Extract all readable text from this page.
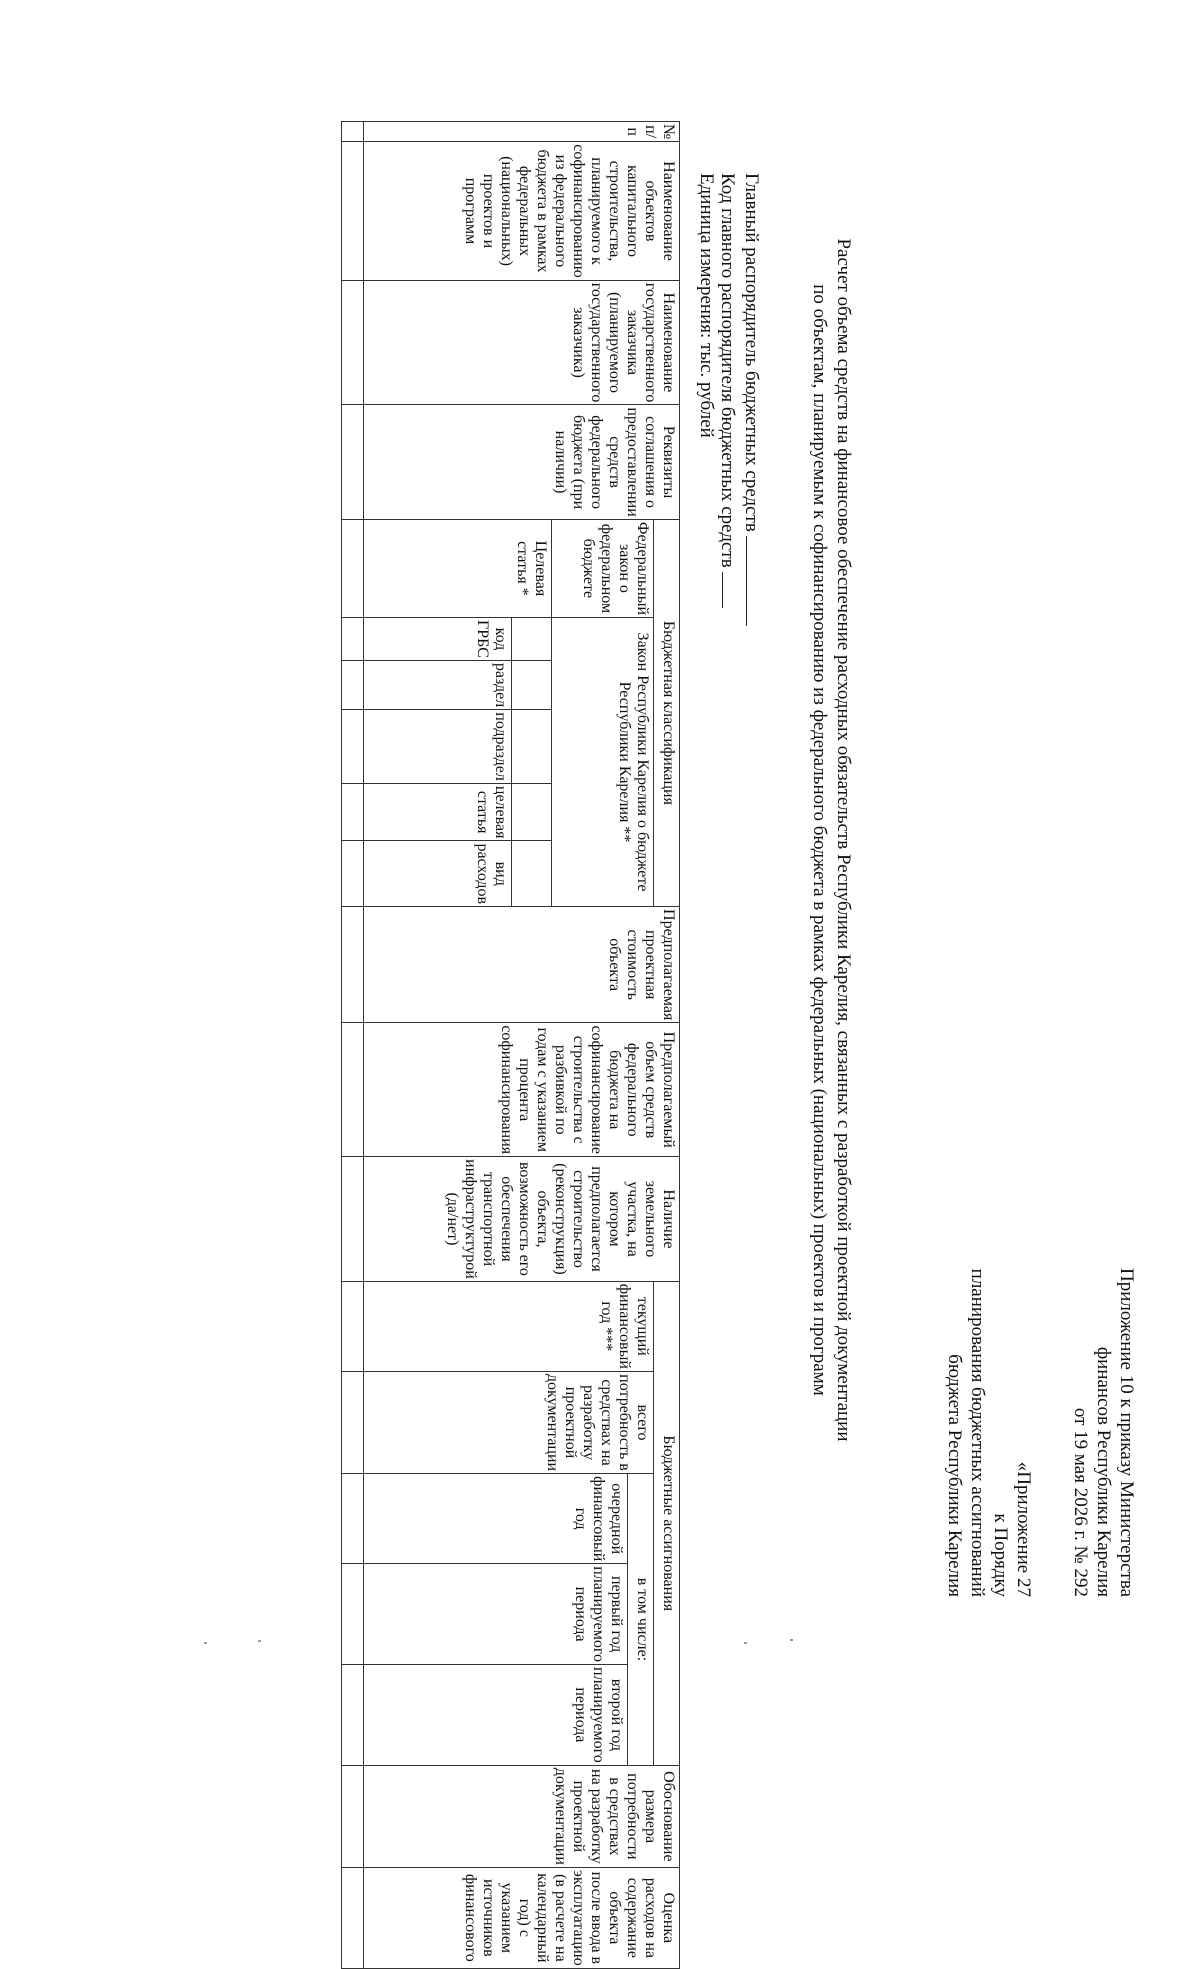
Приложение 10 к приказу Министерства
финансов Республики Карелия
от 19 мая 2026 г. № 292
«Приложение 27
к Порядку
планирования бюджетных ассигнований
бюджета Республики Карелия
Расчет объема средств на финансовое обеспечение расходных обязательств Республики Карелия, связанных с разработкой проектной документации
по объектам, планируемым к софинансированию из федерального бюджета в рамках федеральных (национальных) проектов и программ
Главный распорядитель бюджетных средств
Код главного распорядителя бюджетных средств
Единица измерения: тыс. рублей
№ п/п	Наименование объектов капитального строительства, планируемого к софинансированию из федерального бюджета в рамках федеральных (национальных) проектов и программ	Наименование государственного заказчика (планируемого государственного заказчика)	Реквизиты соглашения о предоставлении средств федерального бюджета (при наличии)	Бюджетная классификация						Предполагаемая проектная стоимость объекта	Предполагаемый объем средств федерального бюджета на софинансирование строительства с разбивкой по годам с указанием процента софинансирования	Наличие земельного участка, на котором предполагается строительство (реконструкция) объекта, возможность его обеспечения транспортной инфраструктурой (да/нет)	Бюджетные ассигнования					Обоснование размера потребности в средствах на разработку проектной документации	Оценка расходов на содержание объекта после ввода в эксплуатацию (в расчете на календарный год) с указанием источников финансового
				Федеральный закон о федеральном бюджете	Закон Республики Карелия о бюджете Республики Карелия **								текущий финансовый год ***	всего потребность в средствах на разработку проектной документации	в том числе:				
															очередной финансовый год	первый год планируемого периода	второй год планируемого периода		
				Целевая статья *															
					код ГРБС	раздел	подраздел	целевая статья	вид расходов										
